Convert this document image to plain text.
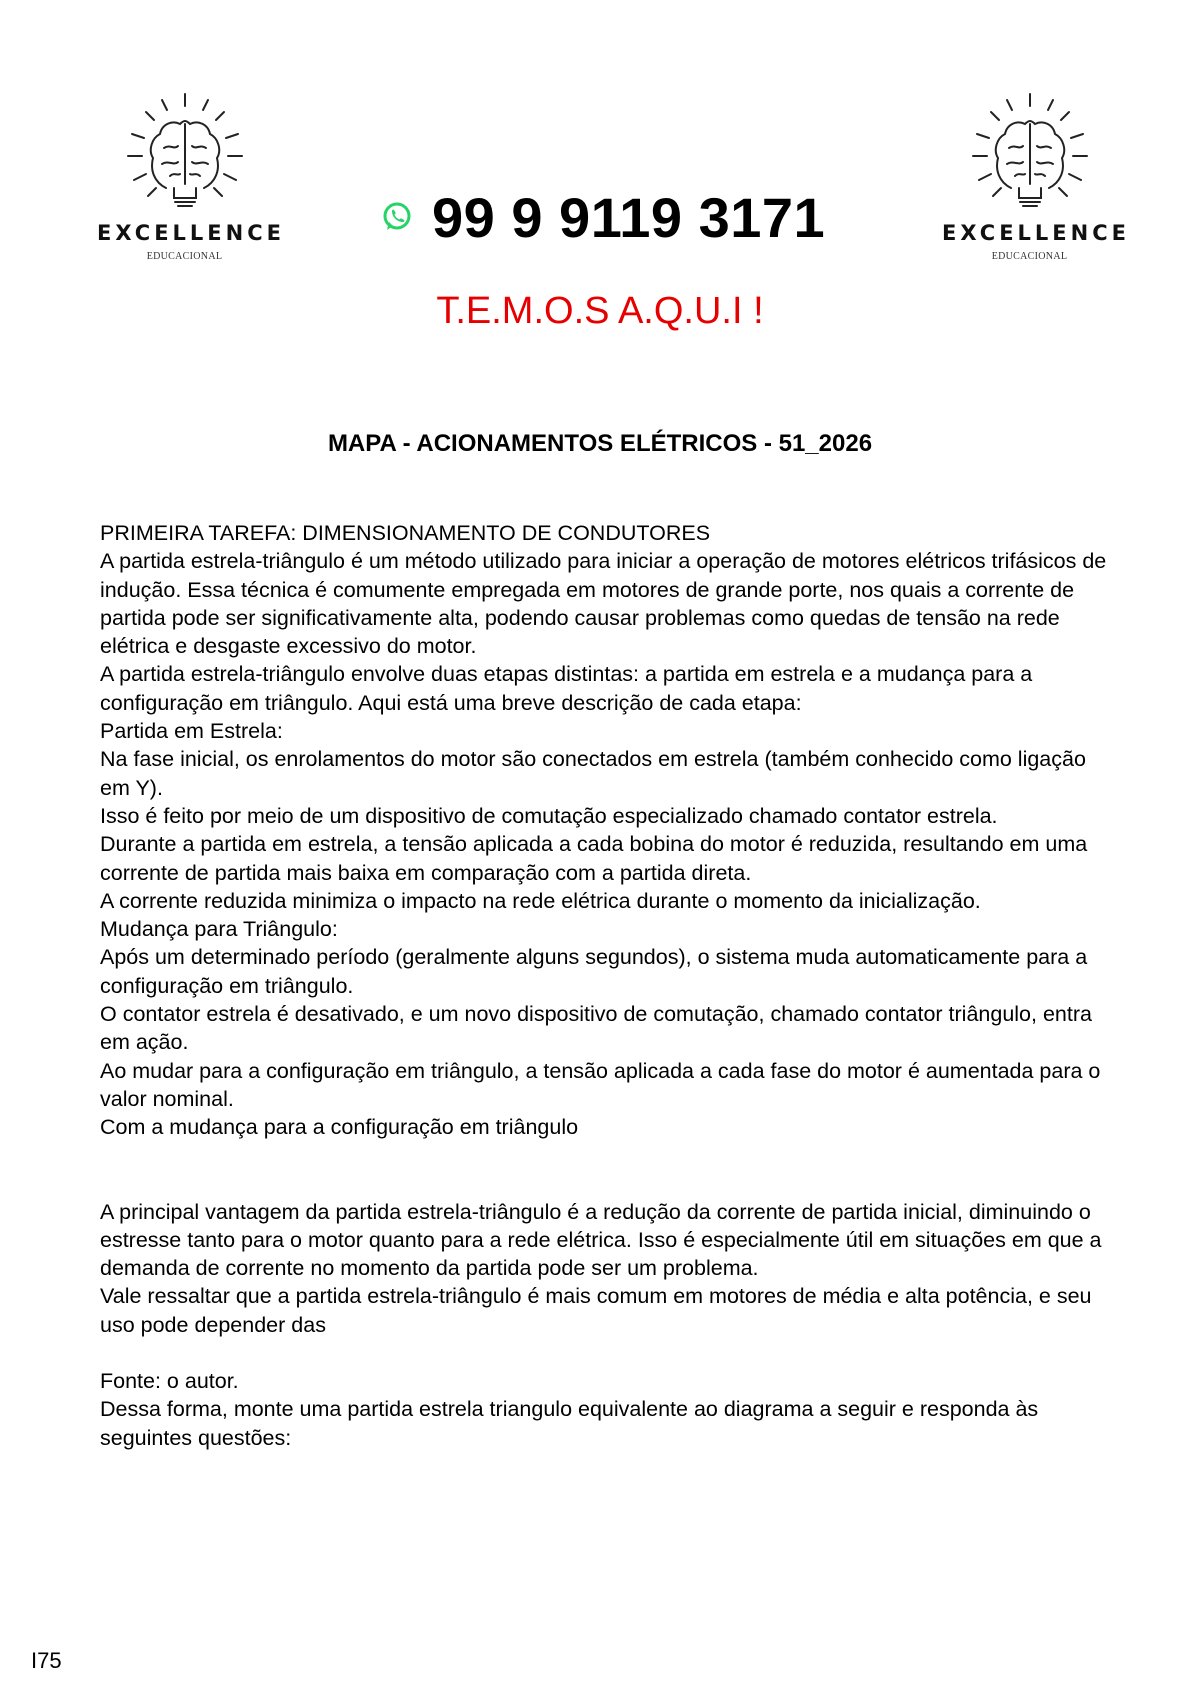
EXCELLENCE
EDUCACIONAL
EXCELLENCE
EDUCACIONAL
99 9 9119 3171
T.E.M.O.S A.Q.U.I !
MAPA - ACIONAMENTOS ELÉTRICOS - 51_2026

PRIMEIRA TAREFA: DIMENSIONAMENTO DE CONDUTORES

A partida estrela-triângulo é um método utilizado para iniciar a operação de motores elétricos trifásicos de indução. Essa técnica é comumente empregada em motores de grande porte, nos quais a corrente de partida pode ser significativamente alta, podendo causar problemas como quedas de tensão na rede elétrica e desgaste excessivo do motor.

A partida estrela-triângulo envolve duas etapas distintas: a partida em estrela e a mudança para a configuração em triângulo. Aqui está uma breve descrição de cada etapa:

Partida em Estrela:

Na fase inicial, os enrolamentos do motor são conectados em estrela (também conhecido como ligação em Y).

Isso é feito por meio de um dispositivo de comutação especializado chamado contator estrela.

Durante a partida em estrela, a tensão aplicada a cada bobina do motor é reduzida, resultando em uma corrente de partida mais baixa em comparação com a partida direta.

A corrente reduzida minimiza o impacto na rede elétrica durante o momento da inicialização.

Mudança para Triângulo:

Após um determinado período (geralmente alguns segundos), o sistema muda automaticamente para a configuração em triângulo.

O contator estrela é desativado, e um novo dispositivo de comutação, chamado contator triângulo, entra em ação.

Ao mudar para a configuração em triângulo, a tensão aplicada a cada fase do motor é aumentada para o valor nominal.

Com a mudança para a configuração em triângulo

A principal vantagem da partida estrela-triângulo é a redução da corrente de partida inicial, diminuindo o estresse tanto para o motor quanto para a rede elétrica. Isso é especialmente útil em situações em que a demanda de corrente no momento da partida pode ser um problema.

Vale ressaltar que a partida estrela-triângulo é mais comum em motores de média e alta potência, e seu uso pode depender das

Fonte: o autor.

Dessa forma, monte uma partida estrela triangulo equivalente ao diagrama a seguir e responda às seguintes questões:

I75
